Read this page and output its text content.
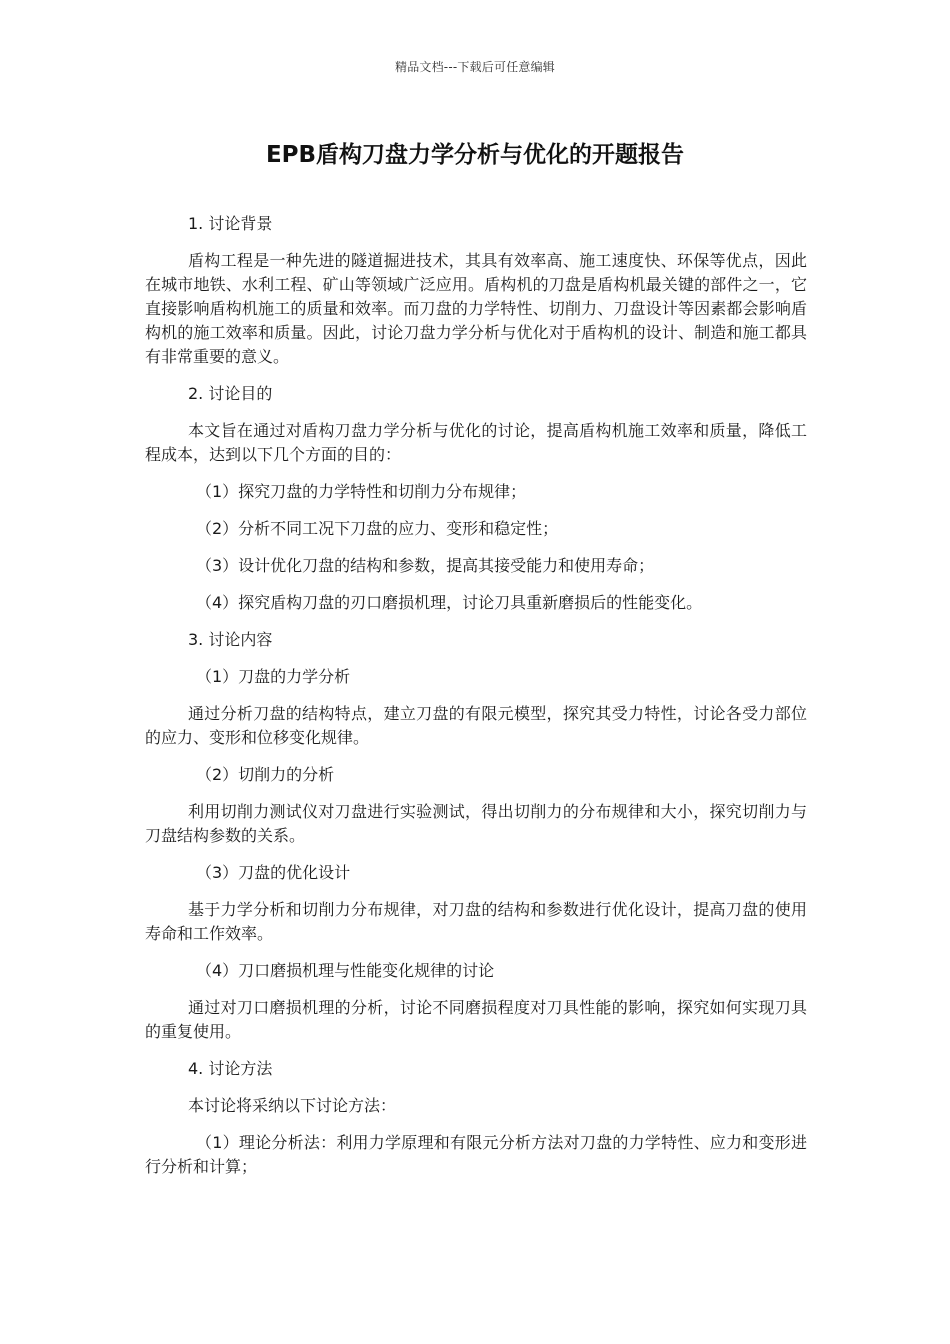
精品文档---下载后可任意编辑
EPB盾构刀盘力学分析与优化的开题报告

1. 讨论背景

盾构工程是一种先进的隧道掘进技术，其具有效率高、施工速度快、环保等优点，因此在城市地铁、水利工程、矿山等领域广泛应用。盾构机的刀盘是盾构机最关键的部件之一，它直接影响盾构机施工的质量和效率。而刀盘的力学特性、切削力、刀盘设计等因素都会影响盾构机的施工效率和质量。因此，讨论刀盘力学分析与优化对于盾构机的设计、制造和施工都具有非常重要的意义。

2. 讨论目的

本文旨在通过对盾构刀盘力学分析与优化的讨论，提高盾构机施工效率和质量，降低工程成本，达到以下几个方面的目的：

（1）探究刀盘的力学特性和切削力分布规律；

（2）分析不同工况下刀盘的应力、变形和稳定性；

（3）设计优化刀盘的结构和参数，提高其接受能力和使用寿命；

（4）探究盾构刀盘的刃口磨损机理，讨论刀具重新磨损后的性能变化。

3. 讨论内容

（1）刀盘的力学分析

通过分析刀盘的结构特点，建立刀盘的有限元模型，探究其受力特性，讨论各受力部位的应力、变形和位移变化规律。

（2）切削力的分析

利用切削力测试仪对刀盘进行实验测试，得出切削力的分布规律和大小，探究切削力与刀盘结构参数的关系。

（3）刀盘的优化设计

基于力学分析和切削力分布规律，对刀盘的结构和参数进行优化设计，提高刀盘的使用寿命和工作效率。

（4）刀口磨损机理与性能变化规律的讨论

通过对刀口磨损机理的分析，讨论不同磨损程度对刀具性能的影响，探究如何实现刀具的重复使用。

4. 讨论方法

本讨论将采纳以下讨论方法：

（1）理论分析法：利用力学原理和有限元分析方法对刀盘的力学特性、应力和变形进行分析和计算；
